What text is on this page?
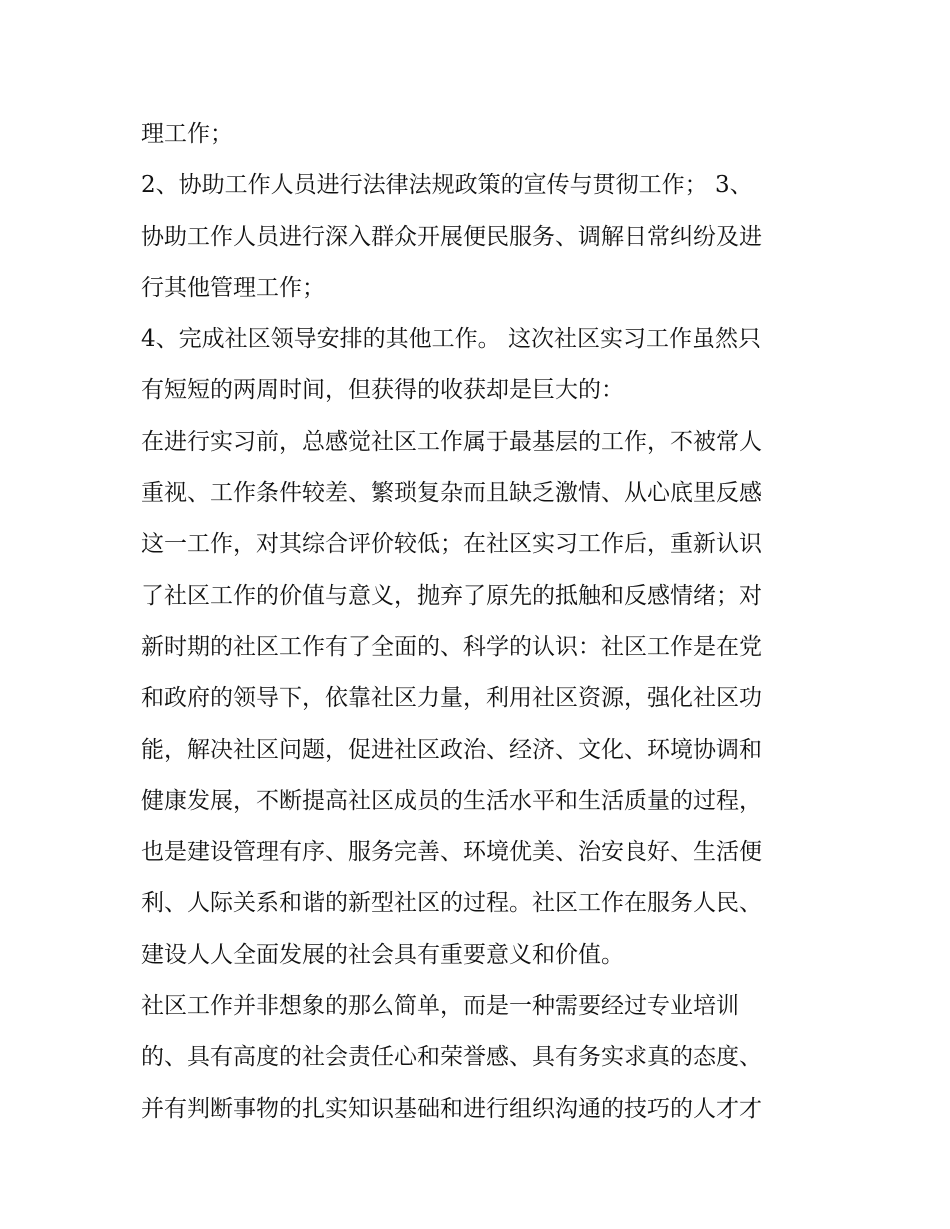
理工作；
2、协助工作人员进行法律法规政策的宣传与贯彻工作； 3、
协助工作人员进行深入群众开展便民服务、调解日常纠纷及进
行其他管理工作；
4、完成社区领导安排的其他工作。 这次社区实习工作虽然只
有短短的两周时间，但获得的收获却是巨大的：
在进行实习前，总感觉社区工作属于最基层的工作，不被常人
重视、工作条件较差、繁琐复杂而且缺乏激情、从心底里反感
这一工作，对其综合评价较低；在社区实习工作后，重新认识
了社区工作的价值与意义，抛弃了原先的抵触和反感情绪；对
新时期的社区工作有了全面的、科学的认识：社区工作是在党
和政府的领导下，依靠社区力量，利用社区资源，强化社区功
能，解决社区问题，促进社区政治、经济、文化、环境协调和
健康发展，不断提高社区成员的生活水平和生活质量的过程，
也是建设管理有序、服务完善、环境优美、治安良好、生活便
利、人际关系和谐的新型社区的过程。社区工作在服务人民、
建设人人全面发展的社会具有重要意义和价值。
社区工作并非想象的那么简单，而是一种需要经过专业培训
的、具有高度的社会责任心和荣誉感、具有务实求真的态度、
并有判断事物的扎实知识基础和进行组织沟通的技巧的人才才
